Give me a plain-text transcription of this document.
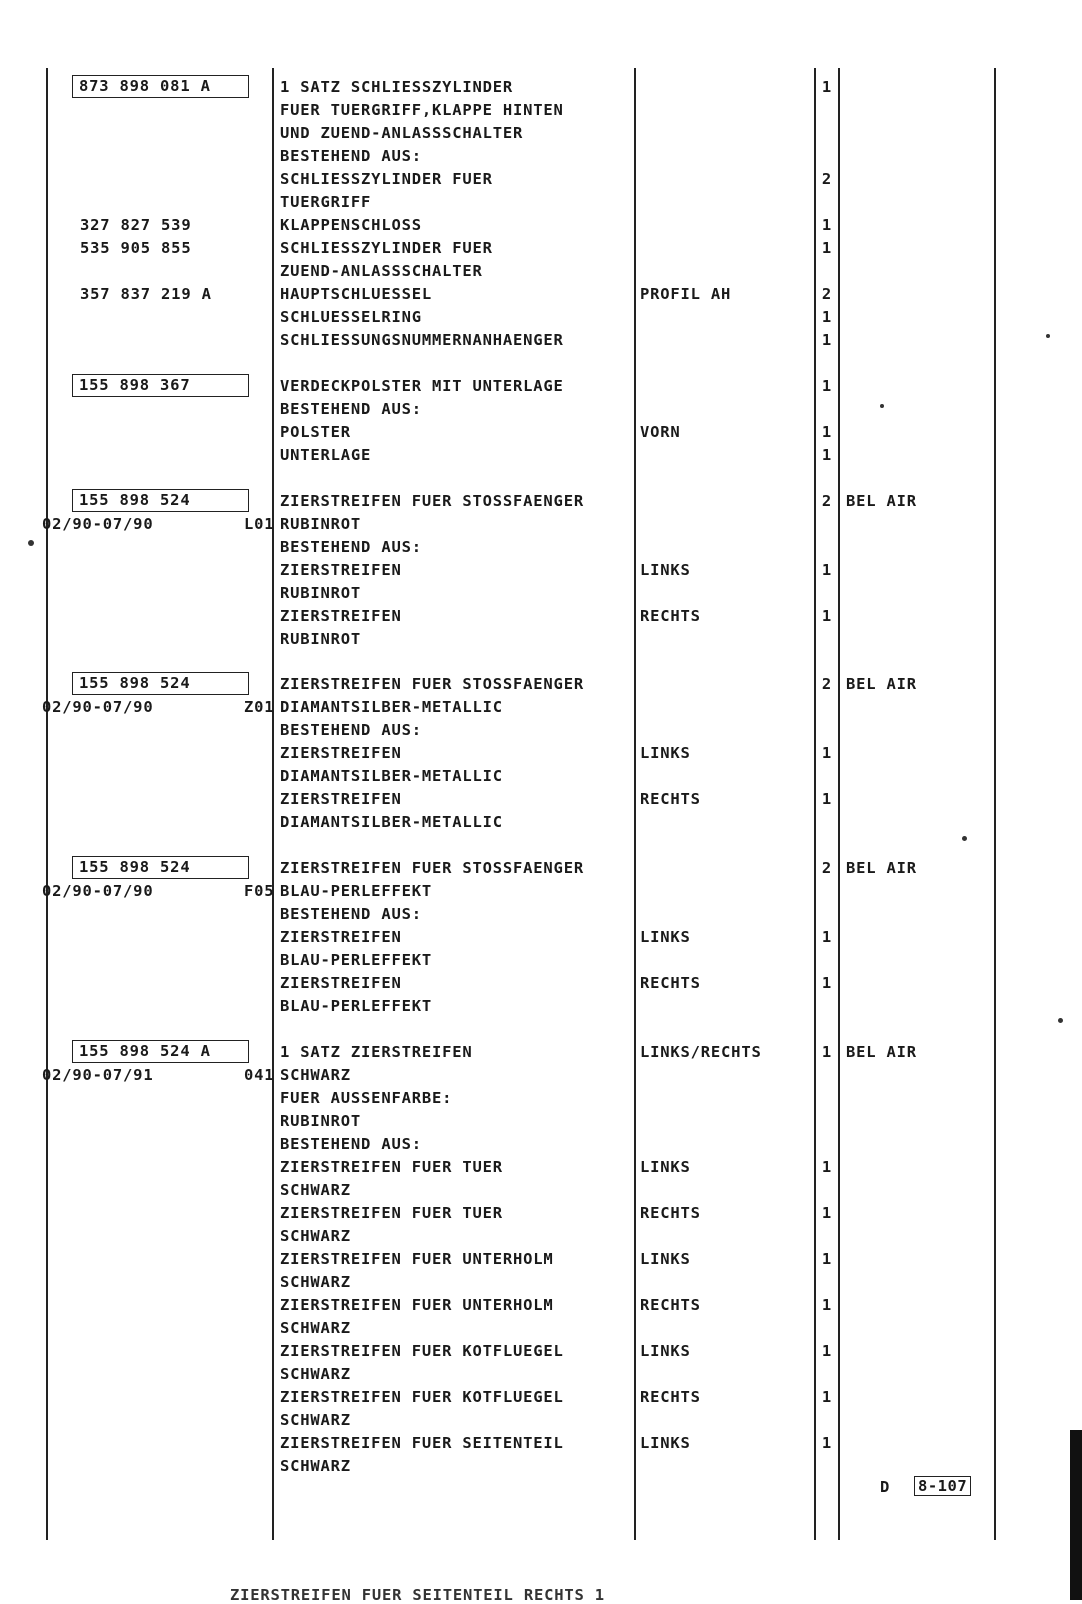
873 898 081 A	1 SATZ SCHLIESSZYLINDER	1
FUER TUERGRIFF,KLAPPE HINTEN
UND ZUEND-ANLASSSCHALTER
BESTEHEND AUS:
SCHLIESSZYLINDER FUER	2
TUERGRIFF
327 827 539	KLAPPENSCHLOSS	1
535 905 855	SCHLIESSZYLINDER FUER	1
ZUEND-ANLASSSCHALTER
357 837 219 A	HAUPTSCHLUESSEL	PROFIL AH	2
SCHLUESSELRING	1
SCHLIESSUNGSNUMMERNANHAENGER	1
155 898 367	VERDECKPOLSTER MIT UNTERLAGE	1
BESTEHEND AUS:
POLSTER	VORN	1
UNTERLAGE	1
155 898 524	ZIERSTREIFEN FUER STOSSFAENGER	2 BEL AIR
02/90-07/90	L01 RUBINROT
BESTEHEND AUS:
ZIERSTREIFEN	LINKS	1
RUBINROT
ZIERSTREIFEN	RECHTS	1
RUBINROT
155 898 524	ZIERSTREIFEN FUER STOSSFAENGER	2 BEL AIR
02/90-07/90	Z01 DIAMANTSILBER-METALLIC
BESTEHEND AUS:
ZIERSTREIFEN	LINKS	1
DIAMANTSILBER-METALLIC
ZIERSTREIFEN	RECHTS	1
DIAMANTSILBER-METALLIC
155 898 524	ZIERSTREIFEN FUER STOSSFAENGER	2 BEL AIR
02/90-07/90	F05 BLAU-PERLEFFEKT
BESTEHEND AUS:
ZIERSTREIFEN	LINKS	1
BLAU-PERLEFFEKT
ZIERSTREIFEN	RECHTS	1
BLAU-PERLEFFEKT
155 898 524 A	1 SATZ ZIERSTREIFEN	LINKS/RECHTS	1 BEL AIR
02/90-07/91	041 SCHWARZ
FUER AUSSENFARBE:
RUBINROT
BESTEHEND AUS:
ZIERSTREIFEN FUER TUER	LINKS	1
SCHWARZ
ZIERSTREIFEN FUER TUER	RECHTS	1
SCHWARZ
ZIERSTREIFEN FUER UNTERHOLM	LINKS	1
SCHWARZ
ZIERSTREIFEN FUER UNTERHOLM	RECHTS	1
SCHWARZ
ZIERSTREIFEN FUER KOTFLUEGEL	LINKS	1
SCHWARZ
ZIERSTREIFEN FUER KOTFLUEGEL	RECHTS	1
SCHWARZ
ZIERSTREIFEN FUER SEITENTEIL	LINKS	1
SCHWARZ
D 8-107
ZIERSTREIFEN FUER SEITENTEIL RECHTS 1
